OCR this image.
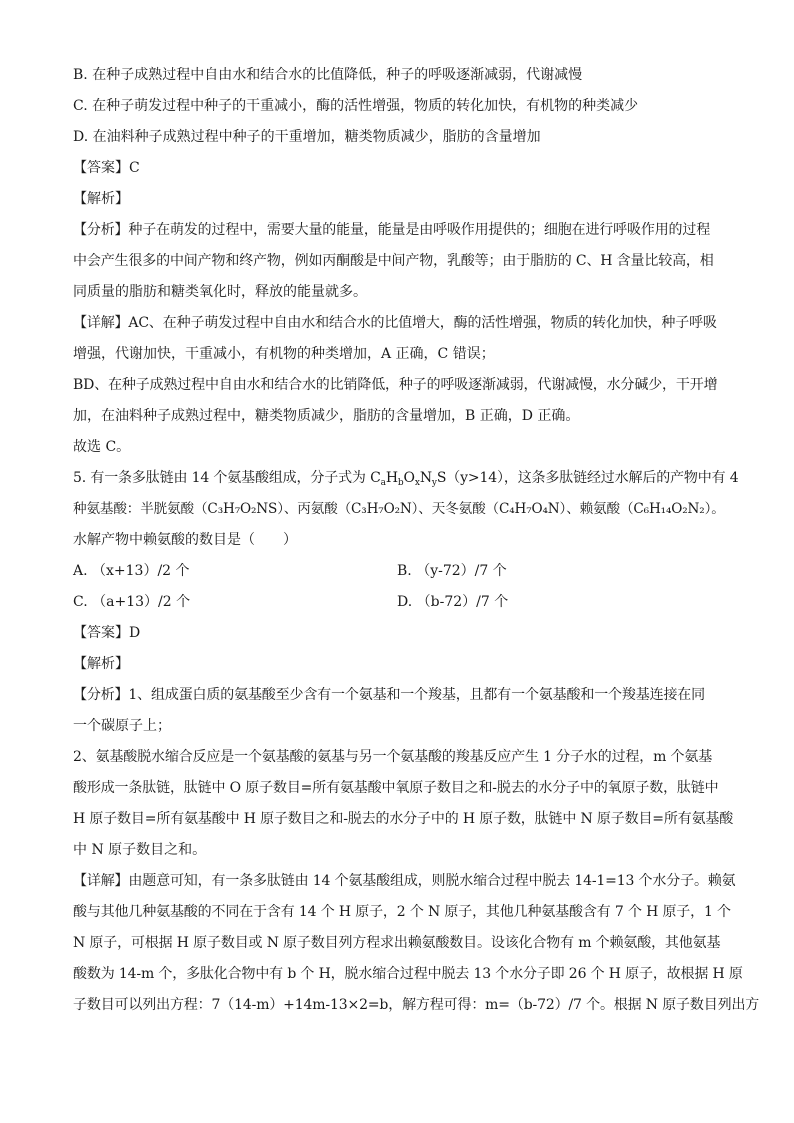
B. 在种子成熟过程中自由水和结合水的比值降低，种子的呼吸逐渐减弱，代谢减慢
C. 在种子萌发过程中种子的干重减小，酶的活性增强，物质的转化加快，有机物的种类减少
D. 在油料种子成熟过程中种子的干重增加，糖类物质减少，脂肪的含量增加
【答案】C
【解析】
【分析】种子在萌发的过程中，需要大量的能量，能量是由呼吸作用提供的；细胞在进行呼吸作用的过程
中会产生很多的中间产物和终产物，例如丙酮酸是中间产物，乳酸等；由于脂肪的 C、H 含量比较高，相
同质量的脂肪和糖类氧化时，释放的能量就多。
【详解】AC、在种子萌发过程中自由水和结合水的比值增大，酶的活性增强，物质的转化加快，种子呼吸
增强，代谢加快，干重减小，有机物的种类增加，A 正确，C 错误；
BD、在种子成熟过程中自由水和结合水的比销降低，种子的呼吸逐渐减弱，代谢减慢，水分碱少，干开增
加，在油料种子成熟过程中，糖类物质减少，脂肪的含量增加，B 正确，D 正确。
故选 C。
5. 有一条多肽链由 14 个氨基酸组成，分子式为 $C_aH_bO_xN_yS(y>14)$，这条多肽链经过水解后的产物中有 4
种氨基酸：半胱氨酸（C₃H₇O₂NS）、丙氨酸（C₃H₇O₂N）、天冬氨酸（C₄H₇O₄N）、赖氨酸（C₆H₁₄O₂N₂）。
水解产物中赖氨酸的数目是（　　）
A. （x+13）/2 个	B. （y-72）/7 个
C. （a+13）/2 个	D. （b-72）/7 个
【答案】D
【解析】
【分析】1、组成蛋白质的氨基酸至少含有一个氨基和一个羧基，且都有一个氨基酸和一个羧基连接在同
一个碳原子上；
2、氨基酸脱水缩合反应是一个氨基酸的氨基与另一个氨基酸的羧基反应产生 1 分子水的过程，m 个氨基
酸形成一条肽链，肽链中 O 原子数目=所有氨基酸中氧原子数目之和-脱去的水分子中的氧原子数，肽链中
H 原子数目=所有氨基酸中 H 原子数目之和-脱去的水分子中的 H 原子数，肽链中 N 原子数目=所有氨基酸
中 N 原子数目之和。
【详解】由题意可知，有一条多肽链由 14 个氨基酸组成，则脱水缩合过程中脱去 14-1=13 个水分子。赖氨
酸与其他几种氨基酸的不同在于含有 14 个 H 原子，2 个 N 原子，其他几种氨基酸含有 7 个 H 原子，1 个
N 原子，可根据 H 原子数目或 N 原子数目列方程求出赖氨酸数目。设该化合物有 m 个赖氨酸，其他氨基
酸数为 14-m 个，多肽化合物中有 b 个 H，脱水缩合过程中脱去 13 个水分子即 26 个 H 原子，故根据 H 原
子数目可以列出方程：7（14-m）+14m-13×2=b，解方程可得：m=（b-72）/7 个。根据 N 原子数目列出方
